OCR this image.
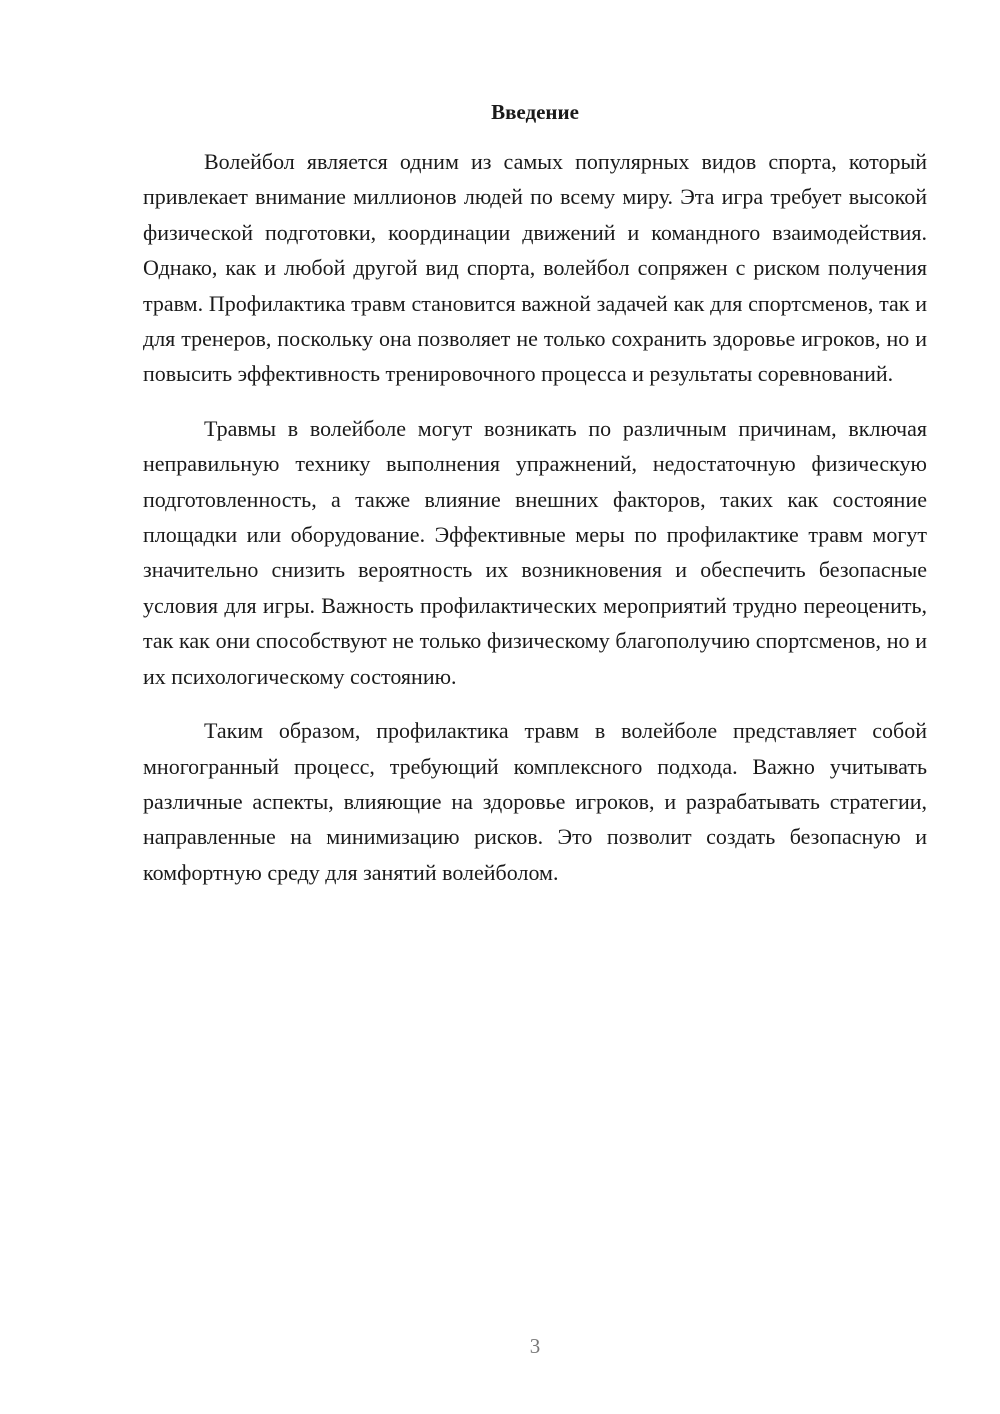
Введение

Волейбол является одним из самых популярных видов спорта, который привлекает внимание миллионов людей по всему миру. Эта игра требует высокой физической подготовки, координации движений и командного взаимодействия. Однако, как и любой другой вид спорта, волейбол сопряжен с риском получения травм. Профилактика травм становится важной задачей как для спортсменов, так и для тренеров, поскольку она позволяет не только сохранить здоровье игроков, но и повысить эффективность тренировочного процесса и результаты соревнований.

Травмы в волейболе могут возникать по различным причинам, включая неправильную технику выполнения упражнений, недостаточную физическую подготовленность, а также влияние внешних факторов, таких как состояние площадки или оборудование. Эффективные меры по профилактике травм могут значительно снизить вероятность их возникновения и обеспечить безопасные условия для игры. Важность профилактических мероприятий трудно переоценить, так как они способствуют не только физическому благополучию спортсменов, но и их психологическому состоянию.

Таким образом, профилактика травм в волейболе представляет собой многогранный процесс, требующий комплексного подхода. Важно учитывать различные аспекты, влияющие на здоровье игроков, и разрабатывать стратегии, направленные на минимизацию рисков. Это позволит создать безопасную и комфортную среду для занятий волейболом.

3
